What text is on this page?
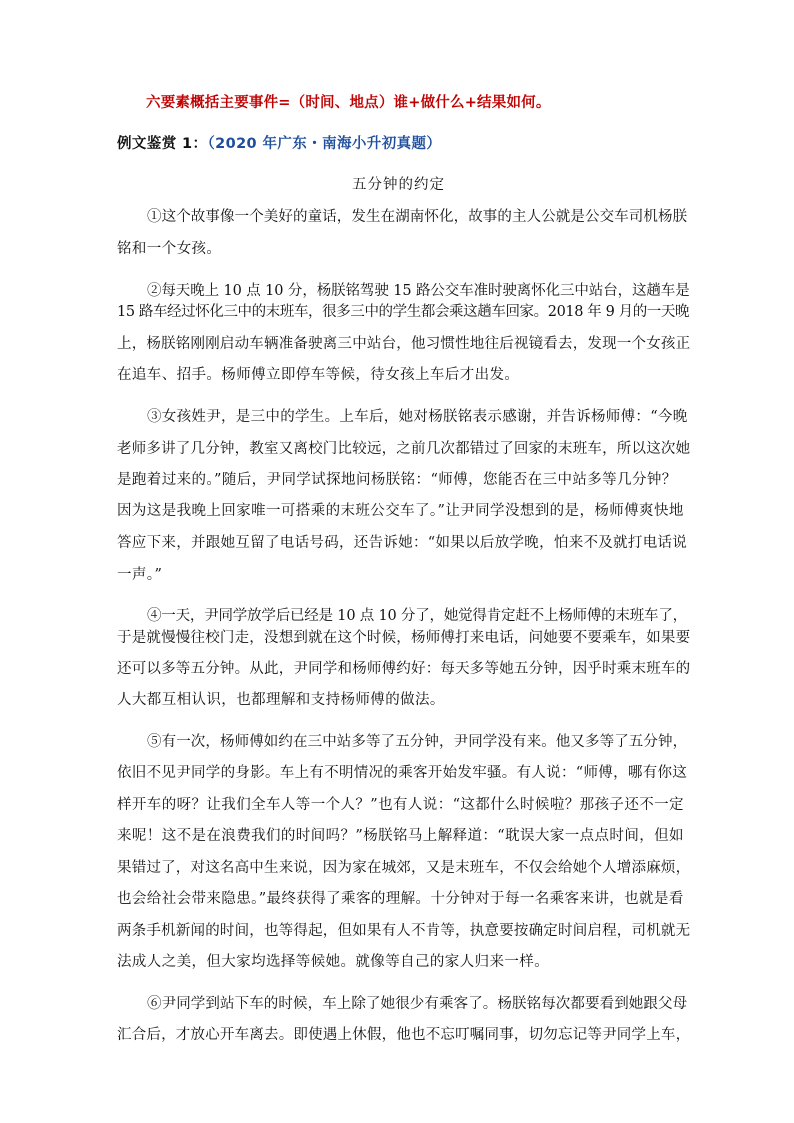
六要素概括主要事件=（时间、地点）谁+做什么+结果如何。
例文鉴赏 1：（2020 年广东・南海小升初真题）
五分钟的约定
①这个故事像一个美好的童话，发生在湖南怀化，故事的主人公就是公交车司机杨朕
铭和一个女孩。
②每天晚上 10 点 10 分，杨朕铭驾驶 15 路公交车准时驶离怀化三中站台，这趟车是
15 路车经过怀化三中的末班车，很多三中的学生都会乘这趟车回家。2018 年 9 月的一天晚
上，杨朕铭刚刚启动车辆准备驶离三中站台，他习惯性地往后视镜看去，发现一个女孩正
在追车、招手。杨师傅立即停车等候，待女孩上车后才出发。
③女孩姓尹，是三中的学生。上车后，她对杨朕铭表示感谢，并告诉杨师傅：“今晚
老师多讲了几分钟，教室又离校门比较远，之前几次都错过了回家的末班车，所以这次她
是跑着过来的。”随后，尹同学试探地问杨朕铭：“师傅，您能否在三中站多等几分钟？
因为这是我晚上回家唯一可搭乘的末班公交车了。”让尹同学没想到的是，杨师傅爽快地
答应下来，并跟她互留了电话号码，还告诉她：“如果以后放学晚，怕来不及就打电话说
一声。”
④一天，尹同学放学后已经是 10 点 10 分了，她觉得肯定赶不上杨师傅的末班车了，
于是就慢慢往校门走，没想到就在这个时候，杨师傅打来电话，问她要不要乘车，如果要
还可以多等五分钟。从此，尹同学和杨师傅约好：每天多等她五分钟，因乎时乘末班车的
人大都互相认识，也都理解和支持杨师傅的做法。
⑤有一次，杨师傅如约在三中站多等了五分钟，尹同学没有来。他又多等了五分钟，
依旧不见尹同学的身影。车上有不明情况的乘客开始发牢骚。有人说：“师傅，哪有你这
样开车的呀？让我们全车人等一个人？”也有人说：“这都什么时候啦？那孩子还不一定
来呢！这不是在浪费我们的时间吗？”杨朕铭马上解释道：“耽误大家一点点时间，但如
果错过了，对这名高中生来说，因为家在城郊，又是末班车，不仅会给她个人增添麻烦，
也会给社会带来隐患。”最终获得了乘客的理解。十分钟对于每一名乘客来讲，也就是看
两条手机新闻的时间，也等得起，但如果有人不肯等，执意要按确定时间启程，司机就无
法成人之美，但大家均选择等候她。就像等自己的家人归来一样。
⑥尹同学到站下车的时候，车上除了她很少有乘客了。杨朕铭每次都要看到她跟父母
汇合后，才放心开车离去。即使遇上休假，他也不忘叮嘱同事，切勿忘记等尹同学上车，
